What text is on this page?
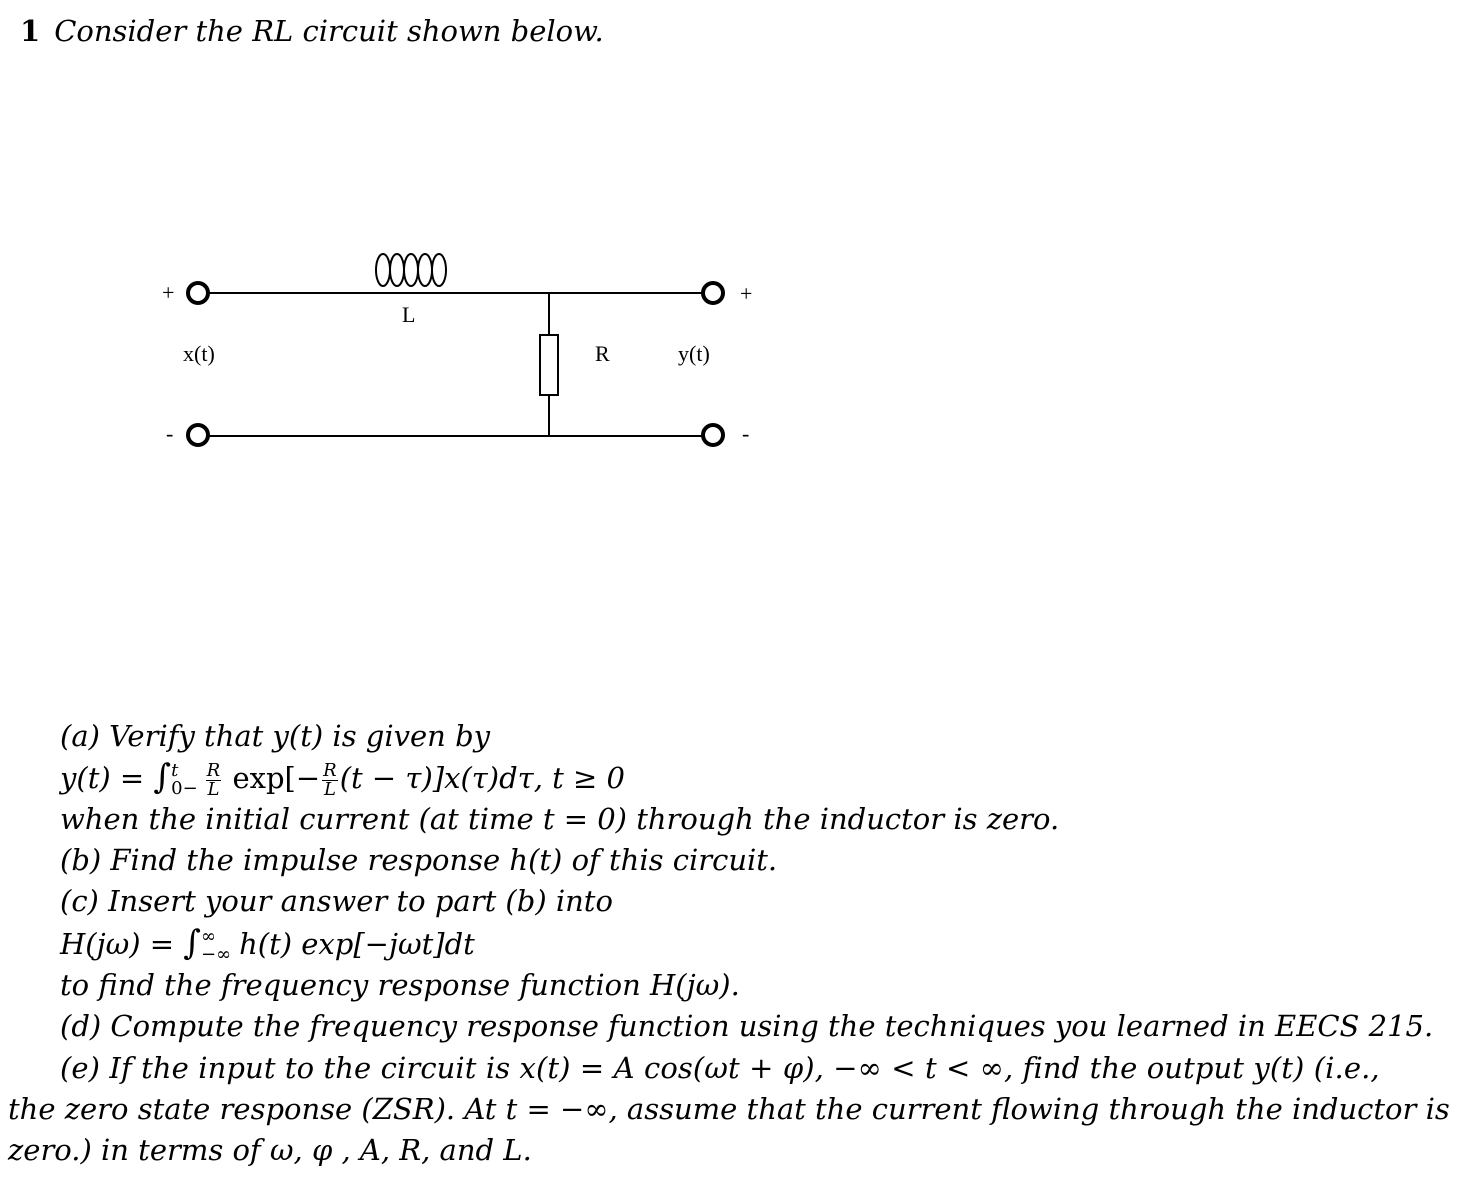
1 Consider the RL circuit shown below.
+
-
+
-
L
R
x(t)	y(t)
(a) Verify that y(t) is given by
y(t) = ∫ t
$0- \frac{R}{L} \exp[- \frac{R}{L} (t - \tau)]x(\tau)d\tau$, t ≥ 0
when the initial current (at time t = 0) through the inductor is zero.
(b) Find the impulse response h(t) of this circuit.
(c) Insert your answer to part (b) into
H(jω) = ∫ ∞
−∞ h(t) exp[−jωt]dt
to find the frequency response function H(jω).
(d) Compute the frequency response function using the techniques you learned in EECS 215.
(e) If the input to the circuit is x(t) = A cos(ωt + φ), −∞ < t < ∞, find the output y(t) (i.e.,
the zero state response (ZSR). At t = −∞, assume that the current flowing through the inductor is
zero.) in terms of ω, φ , A, R, and L.
